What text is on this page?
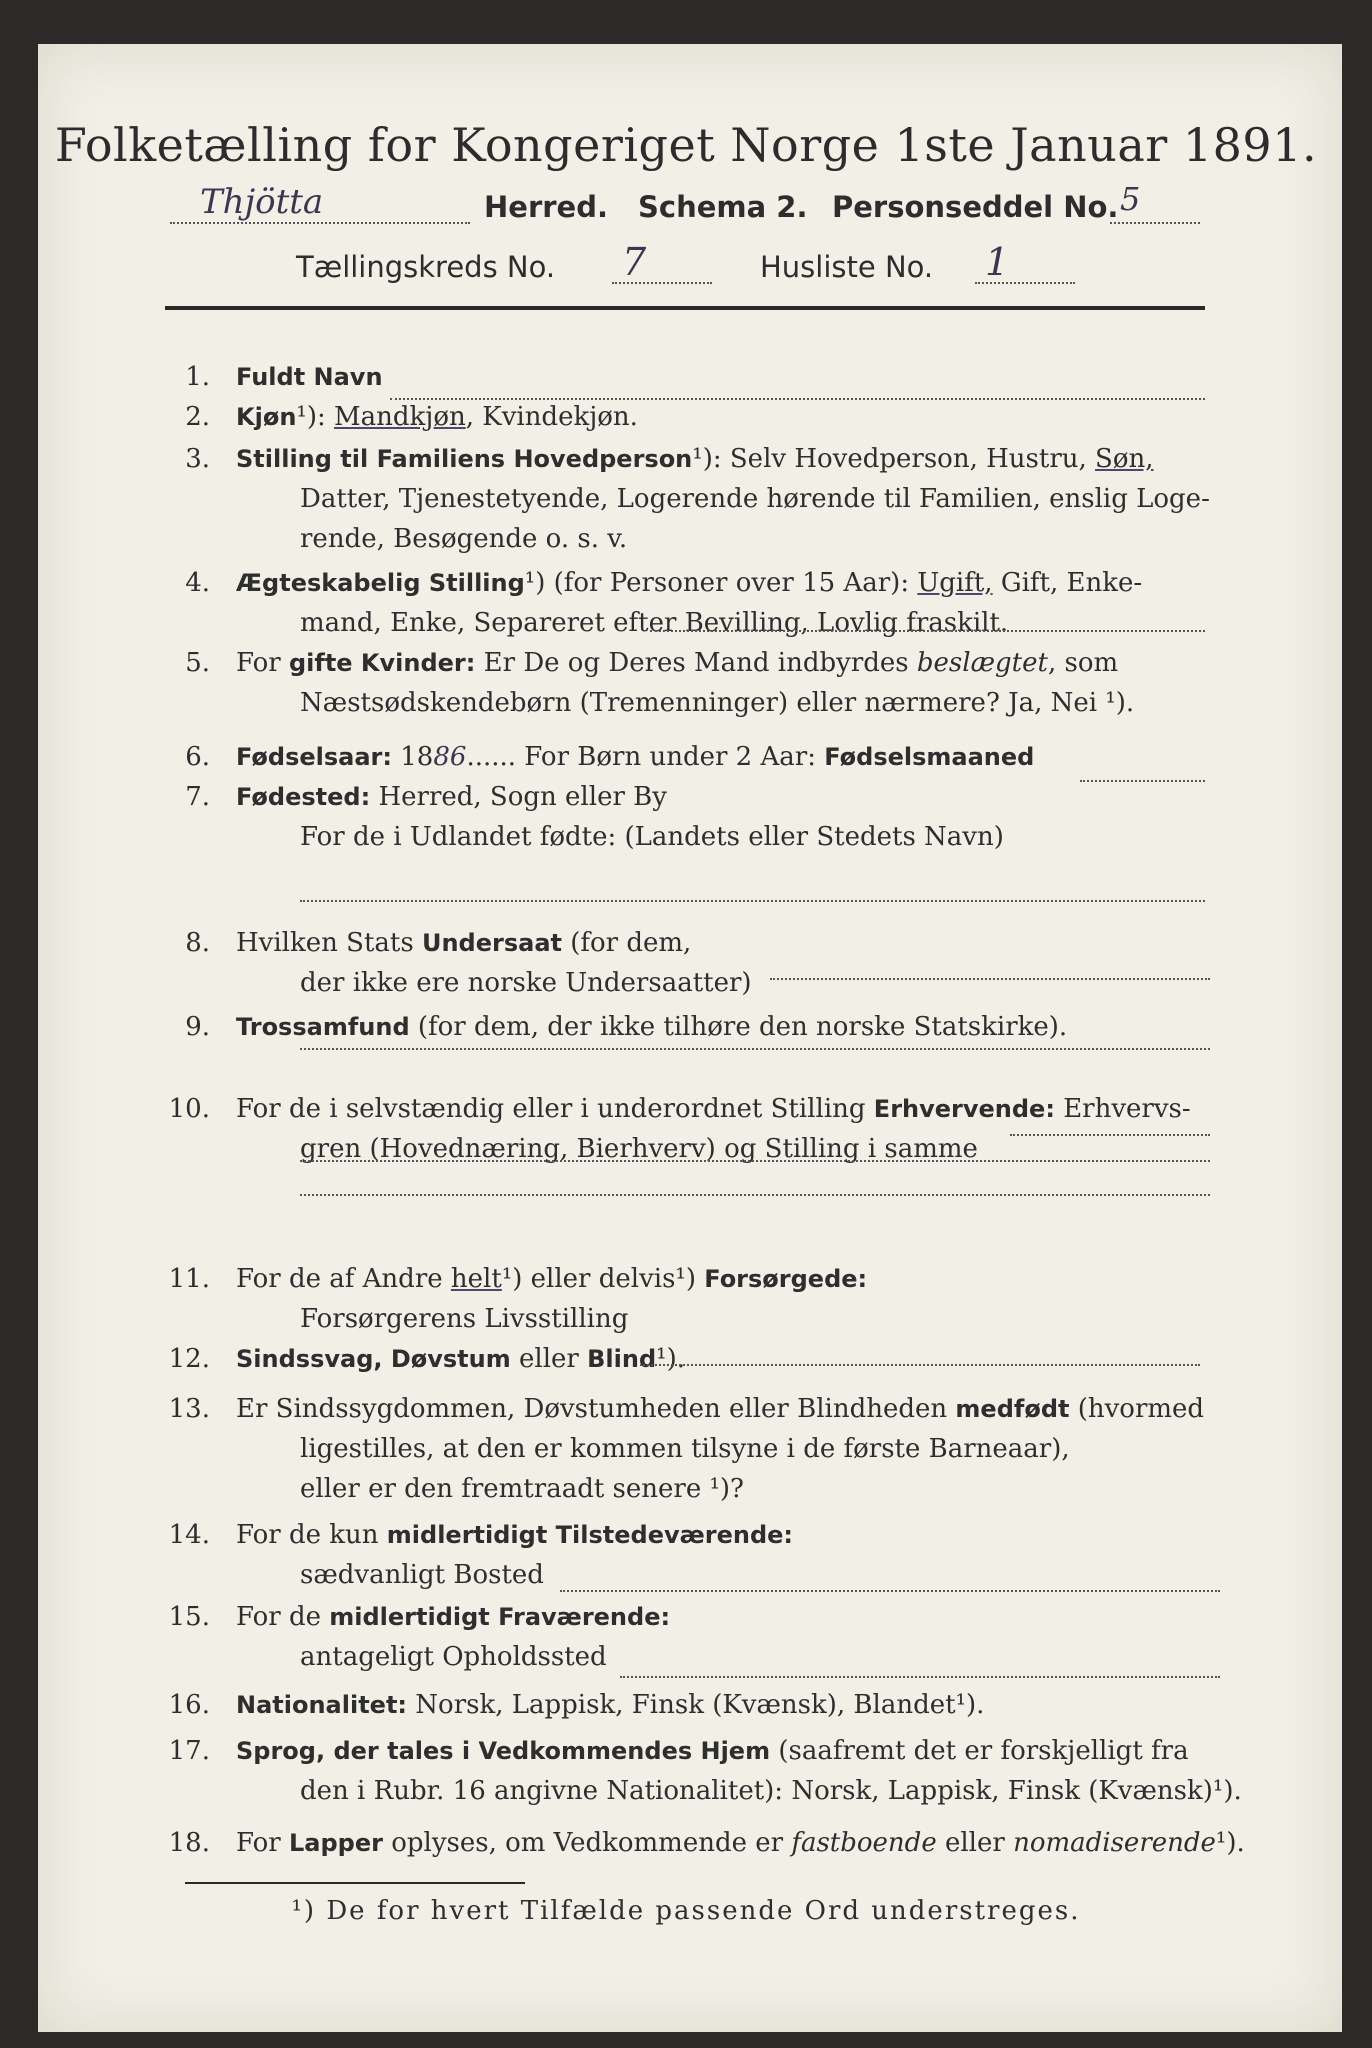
Folketælling for Kongeriget Norge 1ste Januar 1891.
Thjötta	Herred. Schema 2. Personseddel No. 5
Tællingskreds No. 7	Husliste No. 1
1. Fuldt Navn
2. Kjøn¹): Mandkjøn, Kvindekjøn.
3. Stilling til Familiens Hovedperson¹): Selv Hovedperson, Hustru, Søn,
Datter, Tjenestetyende, Logerende hørende til Familien, enslig Loge-
rende, Besøgende o. s. v.
4. Ægteskabelig Stilling¹) (for Personer over 15 Aar): Ugift, Gift, Enke-
mand, Enke, Separeret efter Bevilling, Lovlig fraskilt.
5. For gifte Kvinder: Er De og Deres Mand indbyrdes beslægtet, som
Næstsødskendebørn (Tremenninger) eller nærmere? Ja, Nei ¹).
6. Fødselsaar: 1886...... For Børn under 2 Aar: Fødselsmaaned
7. Fødested: Herred, Sogn eller By
For de i Udlandet fødte: (Landets eller Stedets Navn)
8. Hvilken Stats Undersaat (for dem,
der ikke ere norske Undersaatter)
9. Trossamfund (for dem, der ikke tilhøre den norske Statskirke).
10. For de i selvstændig eller i underordnet Stilling Erhvervende: Erhvervs-
gren (Hovednæring, Bierhverv) og Stilling i samme
11. For de af Andre helt¹) eller delvis¹) Forsørgede:
Forsørgerens Livsstilling
12. Sindssvag, Døvstum eller Blind¹).
13. Er Sindssygdommen, Døvstumheden eller Blindheden medfødt (hvormed
ligestilles, at den er kommen tilsyne i de første Barneaar),
eller er den fremtraadt senere ¹)?
14. For de kun midlertidigt Tilstedeværende:
sædvanligt Bosted
15. For de midlertidigt Fraværende:
antageligt Opholdssted
16. Nationalitet: Norsk, Lappisk, Finsk (Kvænsk), Blandet¹).
17. Sprog, der tales i Vedkommendes Hjem (saafremt det er forskjelligt fra
den i Rubr. 16 angivne Nationalitet): Norsk, Lappisk, Finsk (Kvænsk)¹).
18. For Lapper oplyses, om Vedkommende er fastboende eller nomadiserende¹).
¹) De for hvert Tilfælde passende Ord understreges.
